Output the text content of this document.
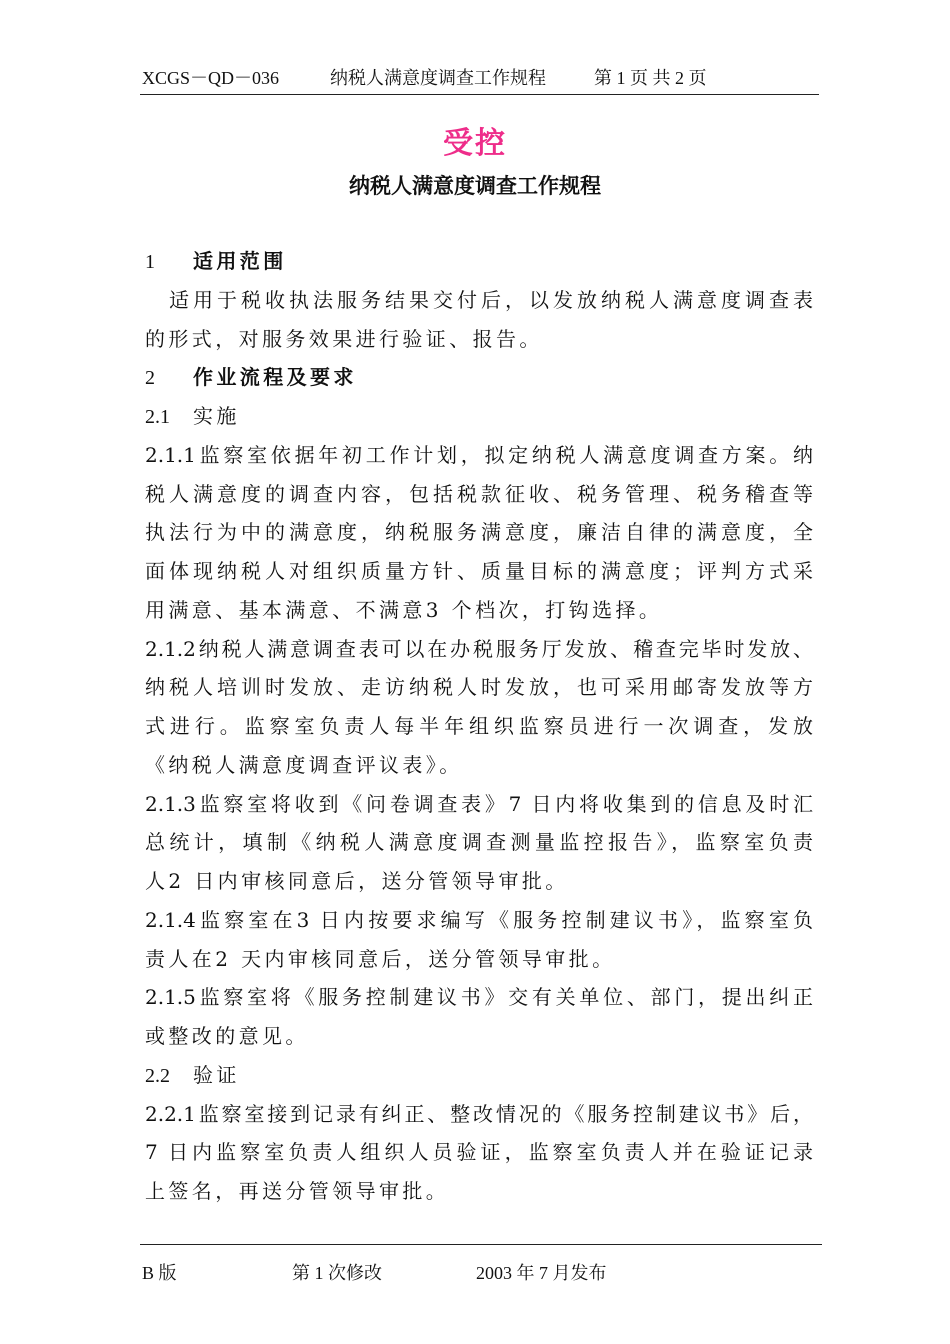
XCGS－QD－036	纳税人满意度调查工作规程	第 1 页 共 2 页
受控
纳税人满意度调查工作规程
1 适用范围
　适用于税收执法服务结果交付后，以发放纳税人满意度调查表
的形式，对服务效果进行验证、报告。
2 作业流程及要求
2.1 实施
2.1.1监察室依据年初工作计划，拟定纳税人满意度调查方案。纳
税人满意度的调查内容，包括税款征收、税务管理、税务稽查等
执法行为中的满意度，纳税服务满意度，廉洁自律的满意度，全
面体现纳税人对组织质量方针、质量目标的满意度；评判方式采
用满意、基本满意、不满意3 个档次，打钩选择。
2.1.2纳税人满意调查表可以在办税服务厅发放、稽查完毕时发放、
纳税人培训时发放、走访纳税人时发放，也可采用邮寄发放等方
式进行。监察室负责人每半年组织监察员进行一次调查，发放
《纳税人满意度调查评议表》。
2.1.3监察室将收到《问卷调查表》7 日内将收集到的信息及时汇
总统计，填制《纳税人满意度调查测量监控报告》，监察室负责
人2 日内审核同意后，送分管领导审批。
2.1.4监察室在3 日内按要求编写《服务控制建议书》，监察室负
责人在2 天内审核同意后，送分管领导审批。
2.1.5监察室将《服务控制建议书》交有关单位、部门，提出纠正
或整改的意见。
2.2 验证
2.2.1监察室接到记录有纠正、整改情况的《服务控制建议书》后，
7 日内监察室负责人组织人员验证，监察室负责人并在验证记录
上签名，再送分管领导审批。
B 版	第 1 次修改	2003 年 7 月发布
